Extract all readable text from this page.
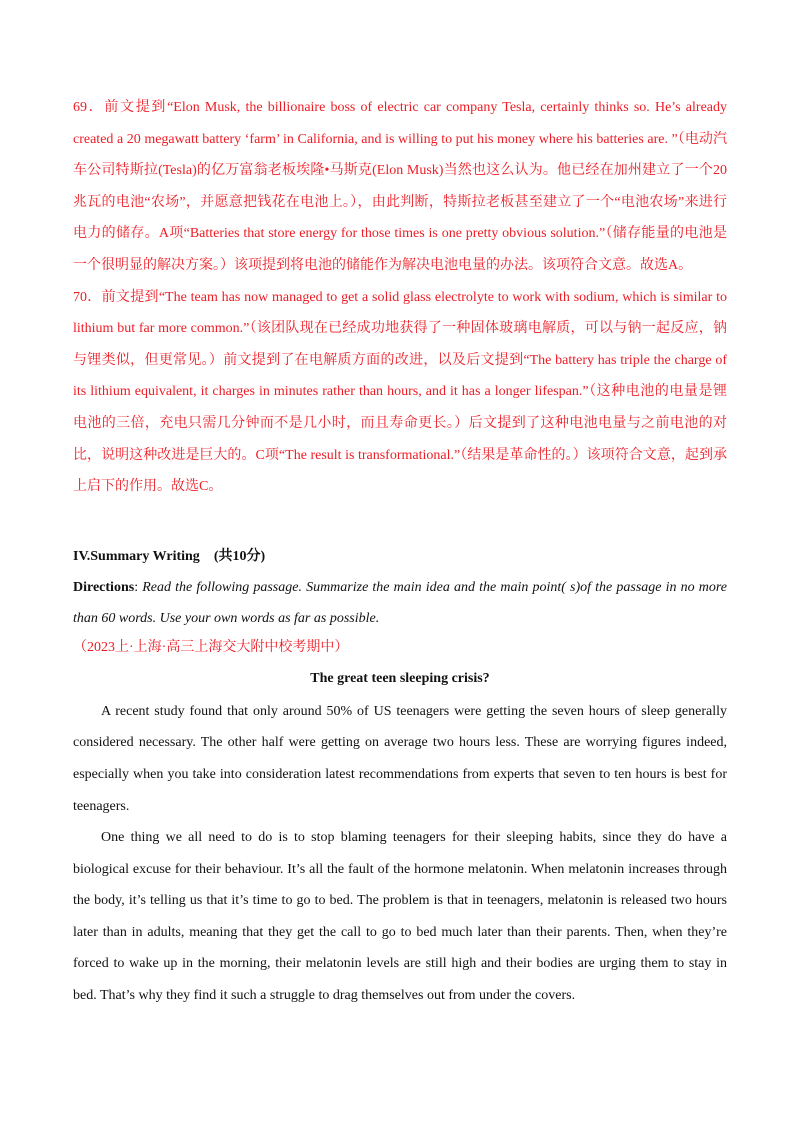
69．前文提到“Elon Musk, the billionaire boss of electric car company Tesla, certainly thinks so. He’s already created a 20 megawatt battery ‘farm’ in California, and is willing to put his money where his batteries are. ”（电动汽车公司特斯拉(Tesla)的亿万富翁老板埃隆•马斯克(Elon Musk)当然也这么认为。他已经在加州建立了一个20兆瓦的电池“农场”，并愿意把钱花在电池上。），由此判断，特斯拉老板甚至建立了一个“电池农场”来进行电力的储存。A项“Batteries that store energy for those times is one pretty obvious solution.”（储存能量的电池是一个很明显的解决方案。）该项提到将电池的储能作为解决电池电量的办法。该项符合文意。故选A。

70．前文提到“The team has now managed to get a solid glass electrolyte to work with sodium, which is similar to lithium but far more common.”（该团队现在已经成功地获得了一种固体玻璃电解质，可以与钠一起反应，钠与锂类似，但更常见。）前文提到了在电解质方面的改进，以及后文提到“The battery has triple the charge of its lithium equivalent, it charges in minutes rather than hours, and it has a longer lifespan.”（这种电池的电量是锂电池的三倍，充电只需几分钟而不是几小时，而且寿命更长。）后文提到了这种电池电量与之前电池的对比，说明这种改进是巨大的。C项“The result is transformational.”（结果是革命性的。）该项符合文意，起到承上启下的作用。故选C。

IV.Summary Writing (共10分)

Directions: Read the following passage. Summarize the main idea and the main point( s)of the passage in no more than 60 words. Use your own words as far as possible.

（2023上·上海·高三上海交大附中校考期中）

The great teen sleeping crisis?

A recent study found that only around 50% of US teenagers were getting the seven hours of sleep generally considered necessary. The other half were getting on average two hours less. These are worrying figures indeed, especially when you take into consideration latest recommendations from experts that seven to ten hours is best for teenagers.

One thing we all need to do is to stop blaming teenagers for their sleeping habits, since they do have a biological excuse for their behaviour. It’s all the fault of the hormone melatonin. When melatonin increases through the body, it’s telling us that it’s time to go to bed. The problem is that in teenagers, melatonin is released two hours later than in adults, meaning that they get the call to go to bed much later than their parents. Then, when they’re forced to wake up in the morning, their melatonin levels are still high and their bodies are urging them to stay in bed. That’s why they find it such a struggle to drag themselves out from under the covers.
